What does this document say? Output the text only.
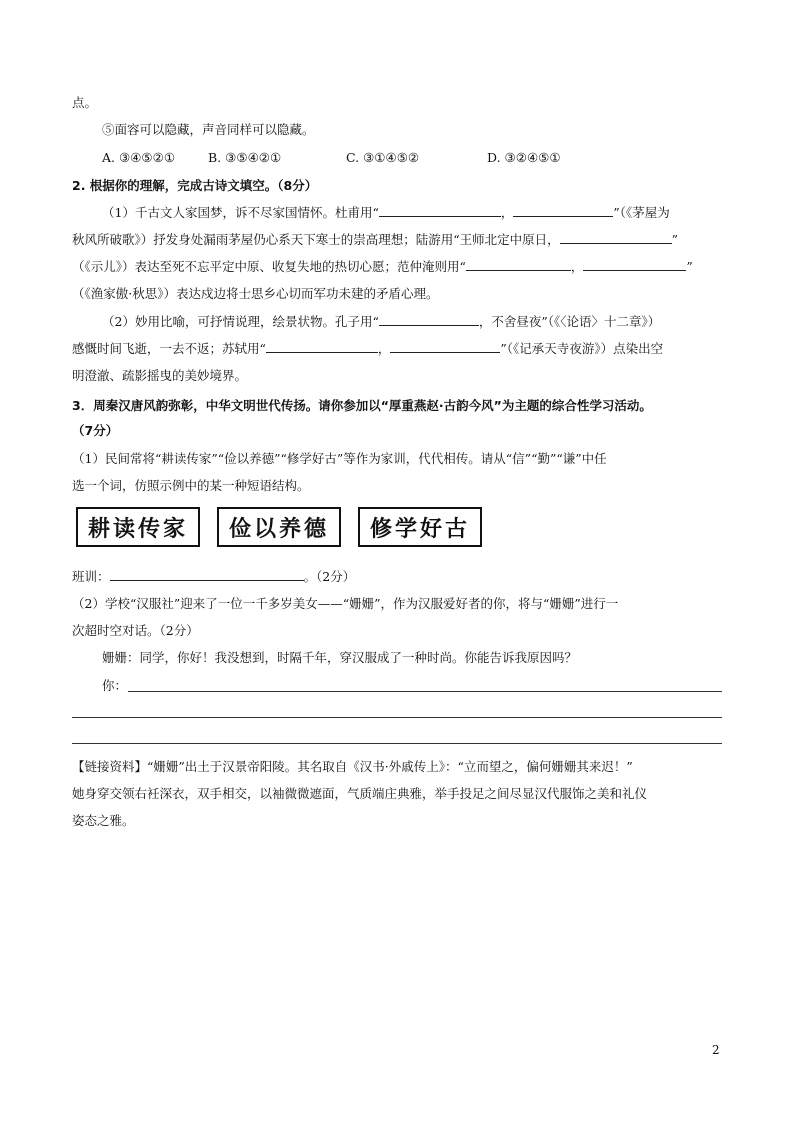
点。
⑤面容可以隐藏，声音同样可以隐藏。
A. ③④⑤②①	B. ③⑤④②①	C. ③①④⑤②	D. ③②④⑤①
2. 根据你的理解，完成古诗文填空。（8分）
（1）千古文人家国梦，诉不尽家国情怀。杜甫用“	，	”（《茅屋为
秋风所破歌》）抒发身处漏雨茅屋仍心系天下寒士的崇高理想；陆游用“王师北定中原日，	”
（《示儿》）表达至死不忘平定中原、收复失地的热切心愿；范仲淹则用“	，	”
（《渔家傲·秋思》）表达戍边将士思乡心切而军功未建的矛盾心理。
（2）妙用比喻，可抒情说理，绘景状物。孔子用“	，不舍昼夜”（《〈论语〉十二章》）
感慨时间飞逝，一去不返；苏轼用“	，	”（《记承天寺夜游》）点染出空
明澄澈、疏影摇曳的美妙境界。
3．周秦汉唐风韵弥彰，中华文明世代传扬。请你参加以“厚重燕赵·古韵今风”为主题的综合性学习活动。
（7分）
（1）民间常将“耕读传家”“俭以养德”“修学好古”等作为家训，代代相传。请从“信”“勤”“谦”中任
选一个词，仿照示例中的某一种短语结构。
耕读传家	俭以养德	修学好古
班训：	。（2分）
（2）学校“汉服社”迎来了一位一千多岁美女——“姗姗”，作为汉服爱好者的你，将与“姗姗”进行一
次超时空对话。（2分）
姗姗：同学，你好！我没想到，时隔千年，穿汉服成了一种时尚。你能告诉我原因吗？
你：
【链接资料】“姗姗”出土于汉景帝阳陵。其名取自《汉书·外戚传上》：“立而望之，偏何姗姗其来迟！”
她身穿交领右衽深衣，双手相交，以袖微微遮面，气质端庄典雅，举手投足之间尽显汉代服饰之美和礼仪
姿态之雅。
2
